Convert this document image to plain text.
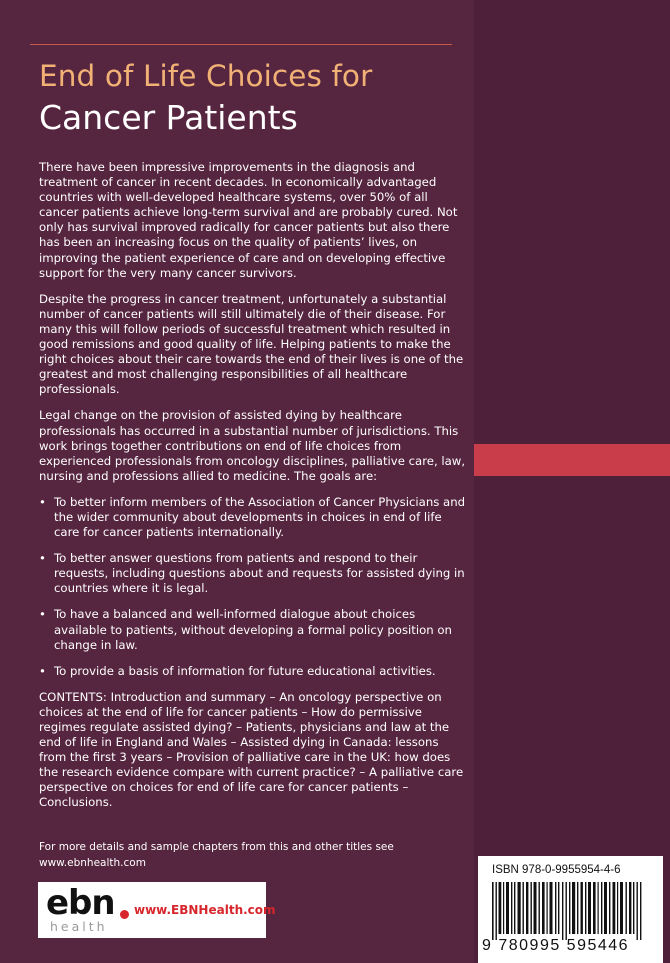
End of Life Choices for
Cancer Patients

There have been impressive improvements in the diagnosis and treatment of cancer in recent decades. In economically advantaged countries with well-developed healthcare systems, over 50% of all cancer patients achieve long-term survival and are probably cured. Not only has survival improved radically for cancer patients but also there has been an increasing focus on the quality of patients’ lives, on improving the patient experience of care and on developing effective support for the very many cancer survivors.

Despite the progress in cancer treatment, unfortunately a substantial number of cancer patients will still ultimately die of their disease. For many this will follow periods of successful treatment which resulted in good remissions and good quality of life. Helping patients to make the right choices about their care towards the end of their lives is one of the greatest and most challenging responsibilities of all healthcare professionals.

Legal change on the provision of assisted dying by healthcare professionals has occurred in a substantial number of jurisdictions. This work brings together contributions on end of life choices from experienced professionals from oncology disciplines, palliative care, law, nursing and professions allied to medicine. The goals are:

• To better inform members of the Association of Cancer Physicians and the wider community about developments in choices in end of life care for cancer patients internationally.
• To better answer questions from patients and respond to their requests, including questions about and requests for assisted dying in countries where it is legal.
• To have a balanced and well-informed dialogue about choices available to patients, without developing a formal policy position on change in law.
• To provide a basis of information for future educational activities.

CONTENTS: Introduction and summary – An oncology perspective on choices at the end of life for cancer patients – How do permissive regimes regulate assisted dying? – Patients, physicians and law at the end of life in England and Wales – Assisted dying in Canada: lessons from the first 3 years – Provision of palliative care in the UK: how does the research evidence compare with current practice? – A palliative care perspective on choices for end of life care for cancer patients – Conclusions.

For more details and sample chapters from this and other titles see
www.ebnhealth.com
ebn
health
www.EBNHealth.com
ISBN 978-0-9955954-4-6
9 780995 595446
